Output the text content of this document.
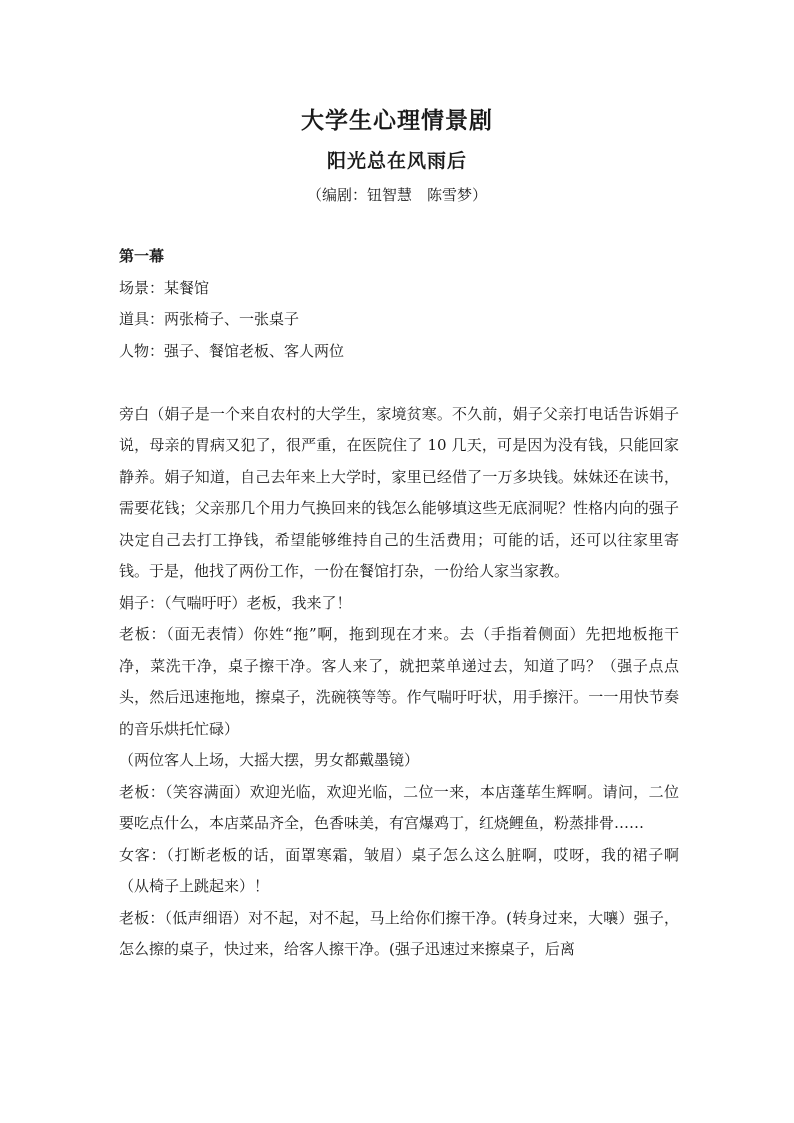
大学生心理情景剧
阳光总在风雨后
（编剧：钮智慧　陈雪梦）

第一幕

场景：某餐馆

道具：两张椅子、一张桌子

人物：强子、餐馆老板、客人两位

旁白（娟子是一个来自农村的大学生，家境贫寒。不久前，娟子父亲打电话告诉娟子说，母亲的胃病又犯了，很严重，在医院住了 10 几天，可是因为没有钱，只能回家静养。娟子知道，自己去年来上大学时，家里已经借了一万多块钱。妹妹还在读书，需要花钱；父亲那几个用力气换回来的钱怎么能够填这些无底洞呢？性格内向的强子决定自己去打工挣钱，希望能够维持自己的生活费用；可能的话，还可以往家里寄钱。于是，他找了两份工作，一份在餐馆打杂，一份给人家当家教。

娟子：（气喘吁吁）老板，我来了！

老板：（面无表情）你姓“拖”啊，拖到现在才来。去（手指着侧面）先把地板拖干净，菜洗干净，桌子擦干净。客人来了，就把菜单递过去，知道了吗？（强子点点头，然后迅速拖地，擦桌子，洗碗筷等等。作气喘吁吁状，用手擦汗。一一用快节奏的音乐烘托忙碌）

（两位客人上场，大摇大摆，男女都戴墨镜）

老板：（笑容满面）欢迎光临，欢迎光临，二位一来，本店蓬荜生辉啊。请问，二位要吃点什么，本店菜品齐全，色香味美，有宫爆鸡丁，红烧鲤鱼，粉蒸排骨……

女客：（打断老板的话，面罩寒霜，皱眉）桌子怎么这么脏啊，哎呀，我的裙子啊（从椅子上跳起来）！

老板：（低声细语）对不起，对不起，马上给你们擦干净。(转身过来，大嚷）强子，怎么擦的桌子，快过来，给客人擦干净。(强子迅速过来擦桌子，后离
